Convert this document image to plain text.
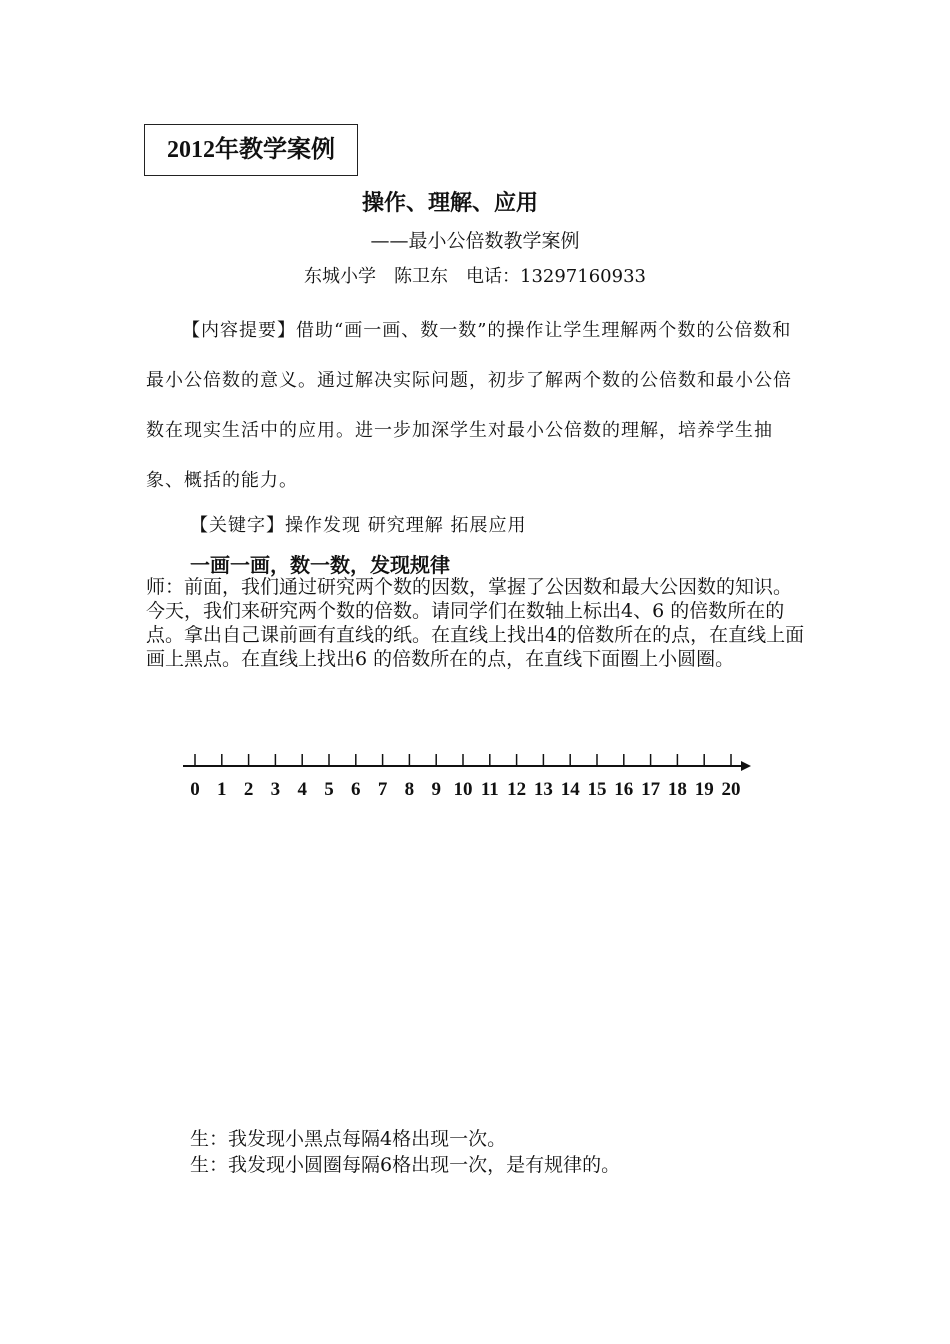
2012年教学案例
操作、理解、应用
——最小公倍数教学案例
东城小学　陈卫东　电话：13297160933
【内容提要】借助“画一画、数一数”的操作让学生理解两个数的公倍数和最小公倍数的意义。通过解决实际问题，初步了解两个数的公倍数和最小公倍数在现实生活中的应用。进一步加深学生对最小公倍数的理解，培养学生抽象、概括的能力。
【关键字】操作发现 研究理解 拓展应用
一画一画，数一数，发现规律
师：前面，我们通过研究两个数的因数，掌握了公因数和最大公因数的知识。今天，我们来研究两个数的倍数。请同学们在数轴上标出4、6 的倍数所在的点。拿出自己课前画有直线的纸。在直线上找出4的倍数所在的点，在直线上面画上黑点。在直线上找出6 的倍数所在的点，在直线下面圈上小圆圈。
0 1 2 3 4 5 6 7 8 9 10 11 12 13 14 15 16 17 18 19 20
生：我发现小黑点每隔4格出现一次。
生：我发现小圆圈每隔6格出现一次，是有规律的。
